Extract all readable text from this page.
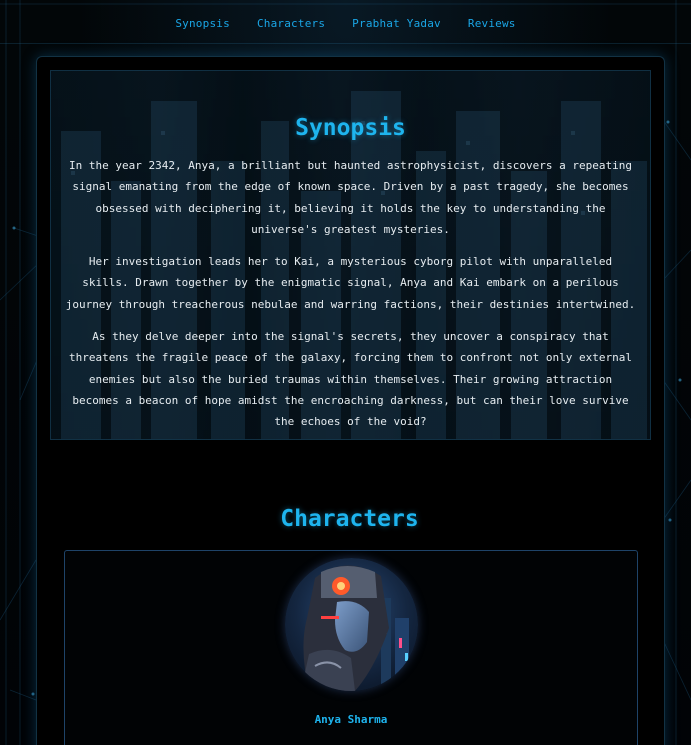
Synopsis Characters Prabhat Yadav Reviews
Synopsis

In the year 2342, Anya, a brilliant but haunted astrophysicist, discovers a repeating signal emanating from the edge of known space. Driven by a past tragedy, she becomes obsessed with deciphering it, believing it holds the key to understanding the universe's greatest mysteries.

Her investigation leads her to Kai, a mysterious cyborg pilot with unparalleled skills. Drawn together by the enigmatic signal, Anya and Kai embark on a perilous journey through treacherous nebulae and warring factions, their destinies intertwined.

As they delve deeper into the signal's secrets, they uncover a conspiracy that threatens the fragile peace of the galaxy, forcing them to confront not only external enemies but also the buried traumas within themselves. Their growing attraction becomes a beacon of hope amidst the encroaching darkness, but can their love survive the echoes of the void?

Characters
Anya Sharma
